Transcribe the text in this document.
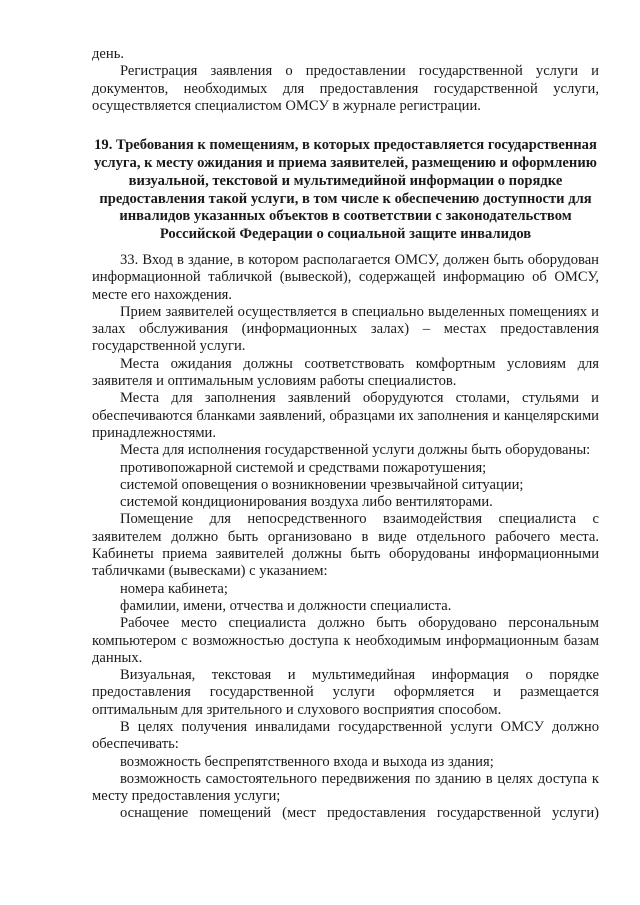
день.

Регистрация заявления о предоставлении государственной услуги и документов, необходимых для предоставления государственной услуги, осуществляется специалистом ОМСУ в журнале регистрации.

19. Требования к помещениям, в которых предоставляется государственная услуга, к месту ожидания и приема заявителей, размещению и оформлению визуальной, текстовой и мультимедийной информации о порядке предоставления такой услуги, в том числе к обеспечению доступности для инвалидов указанных объектов в соответствии с законодательством Российской Федерации о социальной защите инвалидов

33. Вход в здание, в котором располагается ОМСУ, должен быть оборудован информационной табличкой (вывеской), содержащей информацию об ОМСУ, месте его нахождения.

Прием заявителей осуществляется в специально выделенных помещениях и залах обслуживания (информационных залах) – местах предоставления государственной услуги.

Места ожидания должны соответствовать комфортным условиям для заявителя и оптимальным условиям работы специалистов.

Места для заполнения заявлений оборудуются столами, стульями и обеспечиваются бланками заявлений, образцами их заполнения и канцелярскими принадлежностями.

Места для исполнения государственной услуги должны быть оборудованы:

противопожарной системой и средствами пожаротушения;

системой оповещения о возникновении чрезвычайной ситуации;

системой кондиционирования воздуха либо вентиляторами.

Помещение для непосредственного взаимодействия специалиста с заявителем должно быть организовано в виде отдельного рабочего места. Кабинеты приема заявителей должны быть оборудованы информационными табличками (вывесками) с указанием:

номера кабинета;

фамилии, имени, отчества и должности специалиста.

Рабочее место специалиста должно быть оборудовано персональным компьютером с возможностью доступа к необходимым информационным базам данных.

Визуальная, текстовая и мультимедийная информация о порядке предоставления государственной услуги оформляется и размещается оптимальным для зрительного и слухового восприятия способом.

В целях получения инвалидами государственной услуги ОМСУ должно обеспечивать:

возможность беспрепятственного входа и выхода из здания;

возможность самостоятельного передвижения по зданию в целях доступа к месту предоставления услуги;

оснащение помещений (мест предоставления государственной услуги)
